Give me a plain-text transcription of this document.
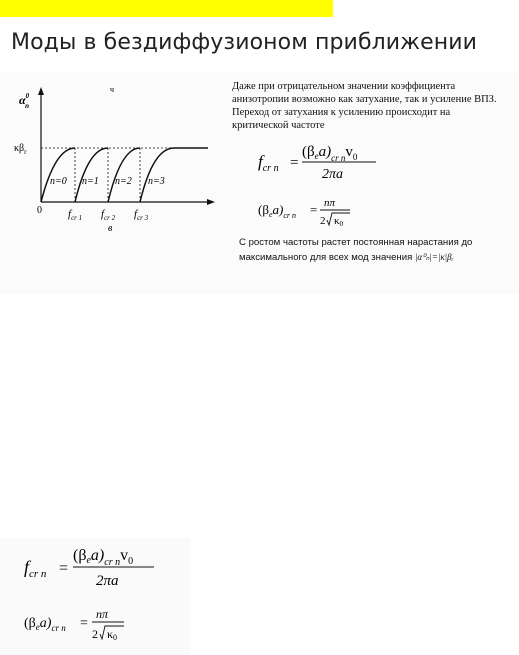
Моды в бездиффузионом приближении
ч
$\alpha^0$ n
$\kappa\beta_r$
0
n=0 n=1 n=2 n=3
$f_{cr 1}$ $f_{cr 2}$ $f_{cr 3}$
в
Даже при отрицательном значении коэффициента анизотропии возможно как затухание, так и усиление ВПЗ. Переход от затухания к усилению происходит на критической частоте
$f_{cr n}$ =
$(\beta_ea)_{cr n}v_0$
2πa
$(\beta_ea)_{cr n} = n\pi$
2 κ0
С ростом частоты растет постоянная нарастания до максимального для всех мод значения |α⁰ₙ|=|κ|βᵣ
$f_{cr n}$ =
$(\beta ea)_{cr n}v_0$
2πa
$(\beta_ea)_{cr n}$ =
nπ
2 κ0
